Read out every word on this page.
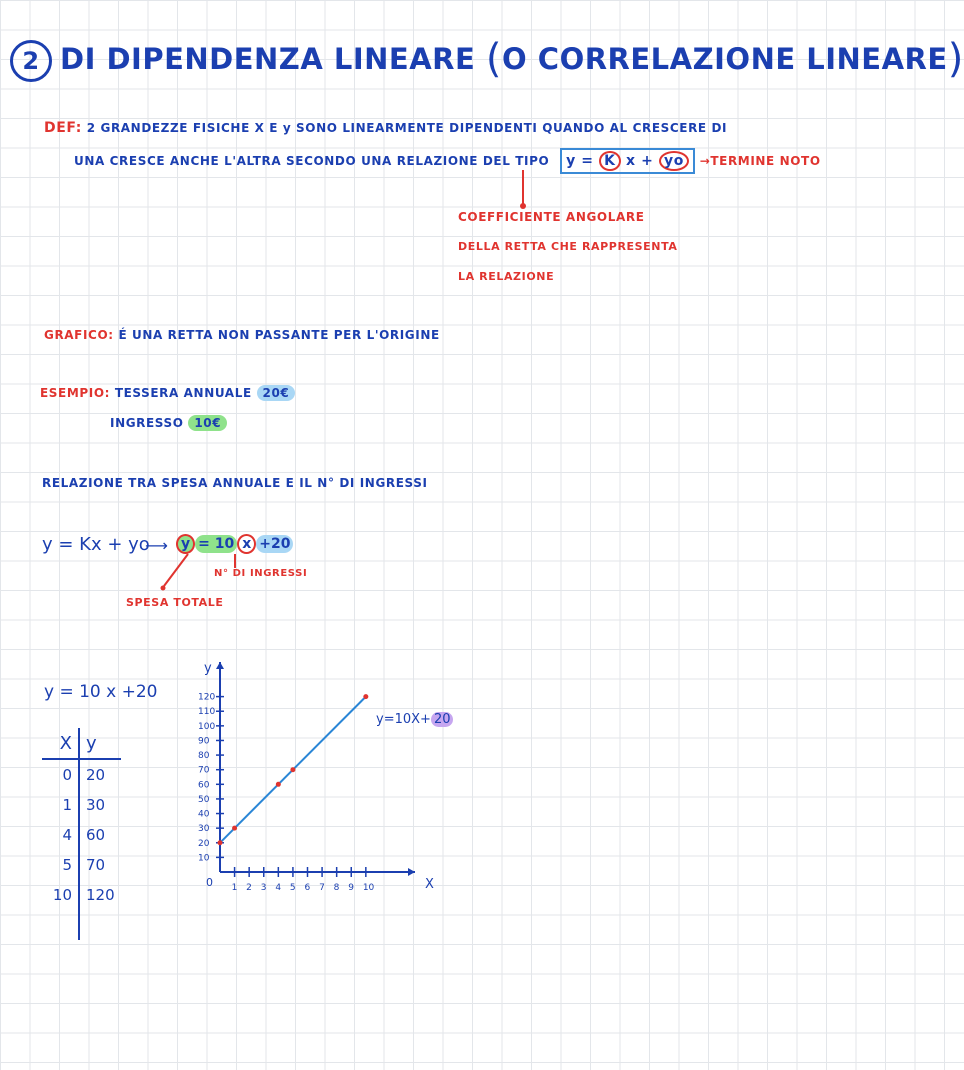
2 DI DIPENDENZA LINEARE (O CORRELAZIONE LINEARE)
DEF: 2 GRANDEZZE FISICHE X E y SONO LINEARMENTE DIPENDENTI QUANDO AL CRESCERE DI
UNA CRESCE ANCHE L'ALTRA SECONDO UNA RELAZIONE DEL TIPO y = K x + yo →TERMINE NOTO
COEFFICIENTE ANGOLARE
DELLA RETTA CHE RAPPRESENTA
LA RELAZIONE
GRAFICO: É UNA RETTA NON PASSANTE PER L'ORIGINE
ESEMPIO: TESSERA ANNUALE 20€
INGRESSO 10€
RELAZIONE TRA SPESA ANNUALE E IL N° DI INGRESSI
y = Kx + yo
⟶ y = 10 x +20
N° DI INGRESSI
SPESA TOTALE
y = 10 x +20
X	y
0	20
1	30
4	60
5	70
10	120

X
y
0 1 2 3 4 5 6 7 8 9 10
10
20
30
40
50
60
70
80
90
100
110
120
y=10X+ 20
